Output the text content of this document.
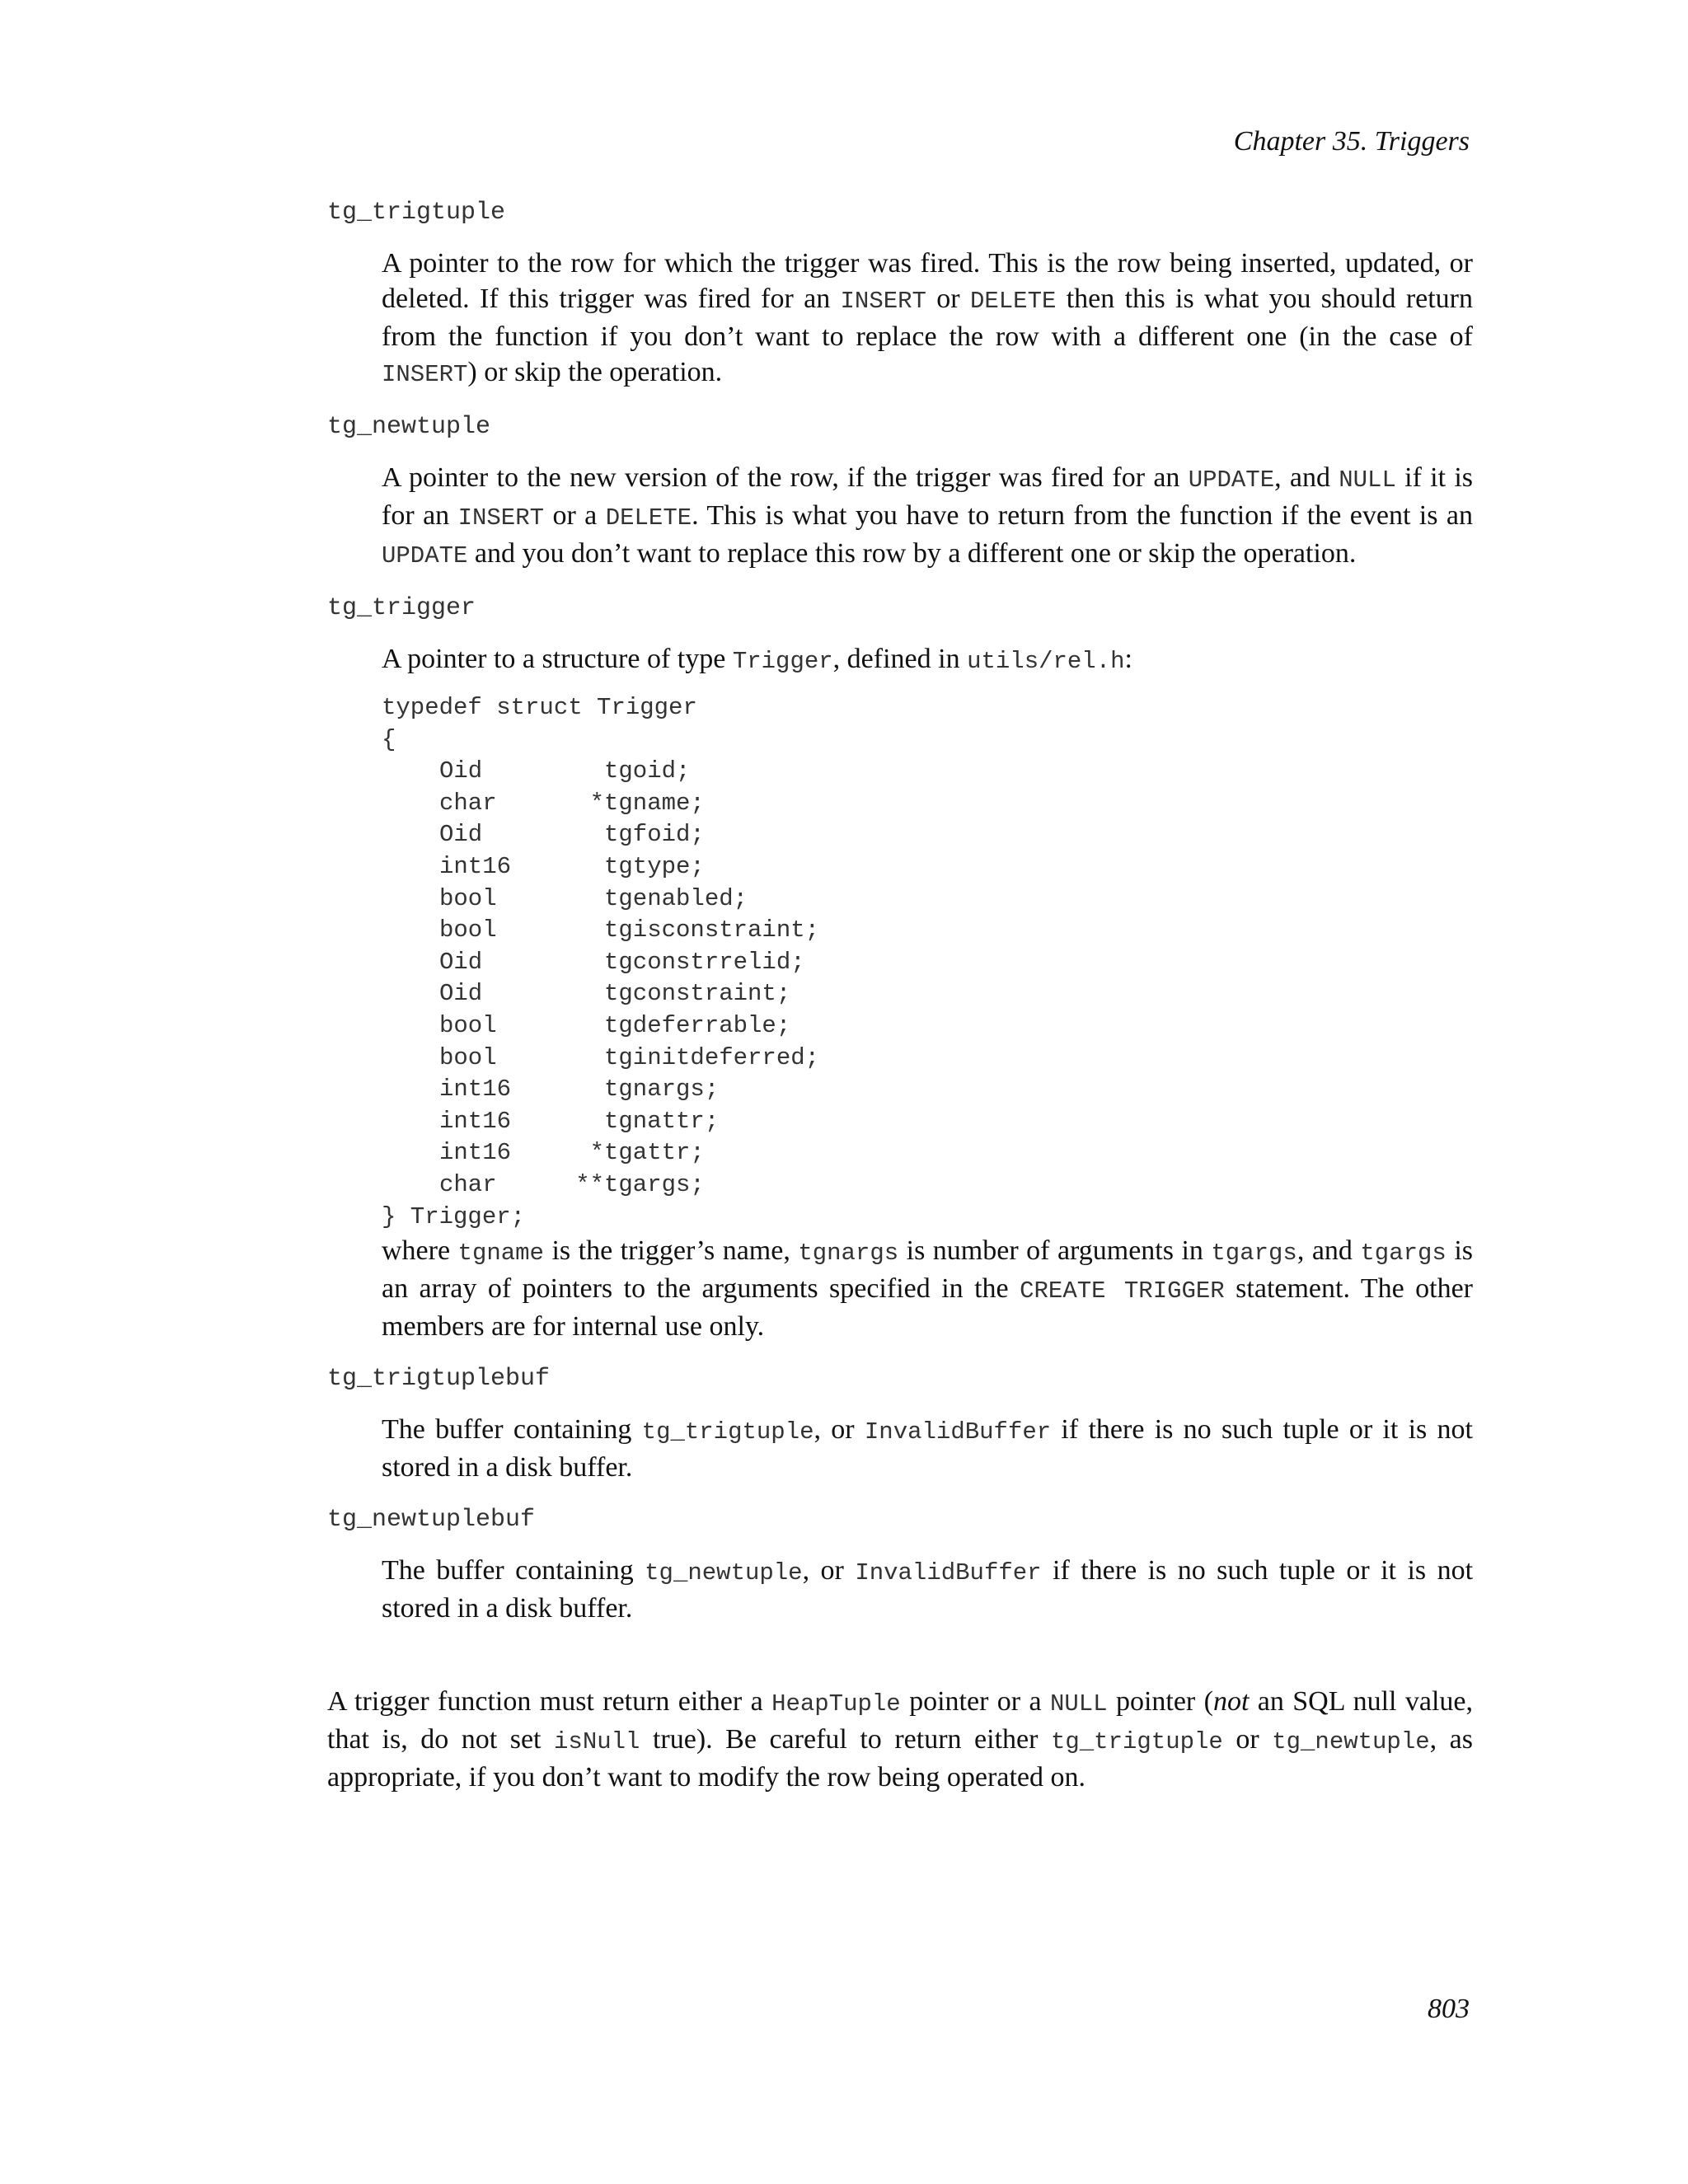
Chapter 35. Triggers
tg_trigtuple

A pointer to the row for which the trigger was fired. This is the row being inserted, updated, or deleted. If this trigger was fired for an INSERT or DELETE then this is what you should return from the function if you don’t want to replace the row with a different one (in the case of INSERT) or skip the operation.

tg_newtuple

A pointer to the new version of the row, if the trigger was fired for an UPDATE, and NULL if it is for an INSERT or a DELETE. This is what you have to return from the function if the event is an UPDATE and you don’t want to replace this row by a different one or skip the operation.

tg_trigger

A pointer to a structure of type Trigger, defined in utils/rel.h:

typedef struct Trigger
{
Oid	tgoid;
char	* tgname;
Oid	tgfoid;
int16	tgtype;
bool	tgenabled;
bool	tgisconstraint;
Oid	tgconstrrelid;
Oid	tgconstraint;
bool	tgdeferrable;
bool	tginitdeferred;
int16	tgnargs;
int16	tgnattr;
int16	* tgattr;
char	** tgargs;
} Trigger;

where tgname is the trigger’s name, tgnargs is number of arguments in tgargs, and tgargs is an array of pointers to the arguments specified in the CREATE TRIGGER statement. The other members are for internal use only.

tg_trigtuplebuf

The buffer containing tg_trigtuple, or InvalidBuffer if there is no such tuple or it is not stored in a disk buffer.

tg_newtuplebuf

The buffer containing tg_newtuple, or InvalidBuffer if there is no such tuple or it is not stored in a disk buffer.

A trigger function must return either a HeapTuple pointer or a NULL pointer (not an SQL null value, that is, do not set isNull true). Be careful to return either tg_trigtuple or tg_newtuple, as appropriate, if you don’t want to modify the row being operated on.

803
